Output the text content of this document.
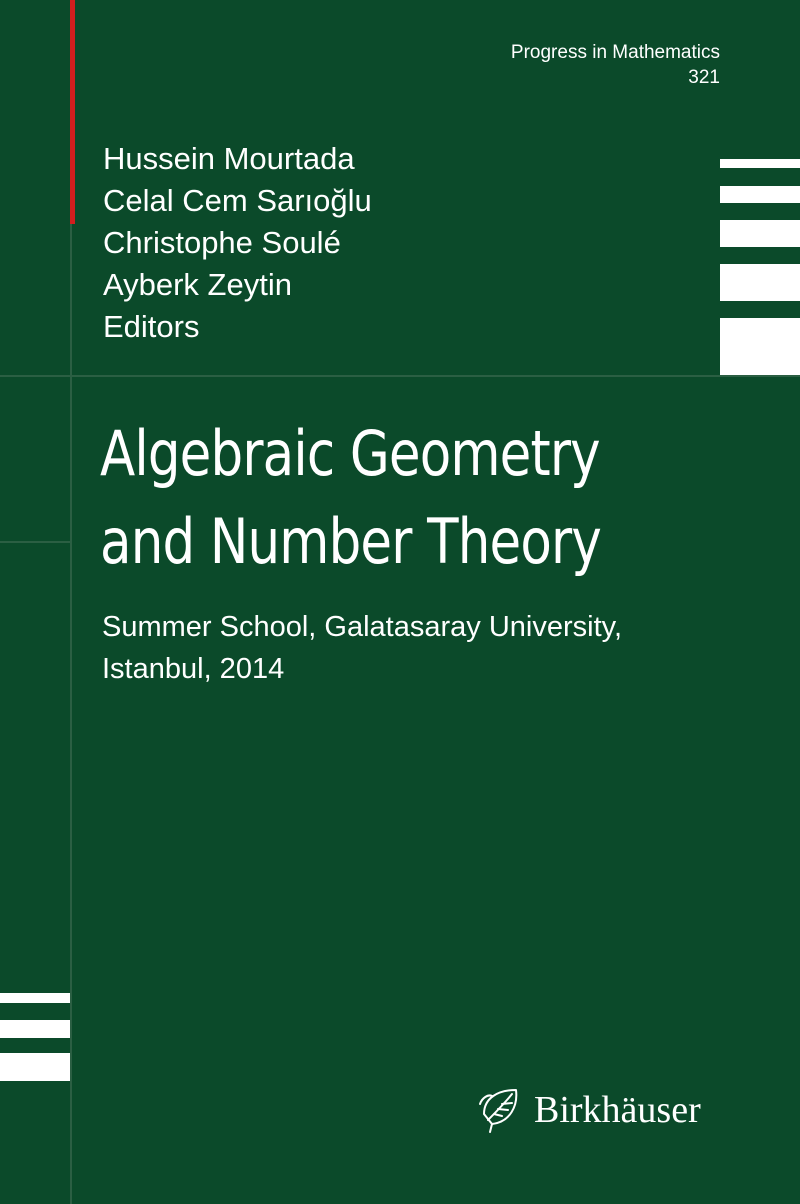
Progress in Mathematics
321
Hussein Mourtada
Celal Cem Sarıoğlu
Christophe Soulé
Ayberk Zeytin
Editors
Algebraic Geometry
and Number Theory
Summer School, Galatasaray University,
Istanbul, 2014
Birkhäuser
